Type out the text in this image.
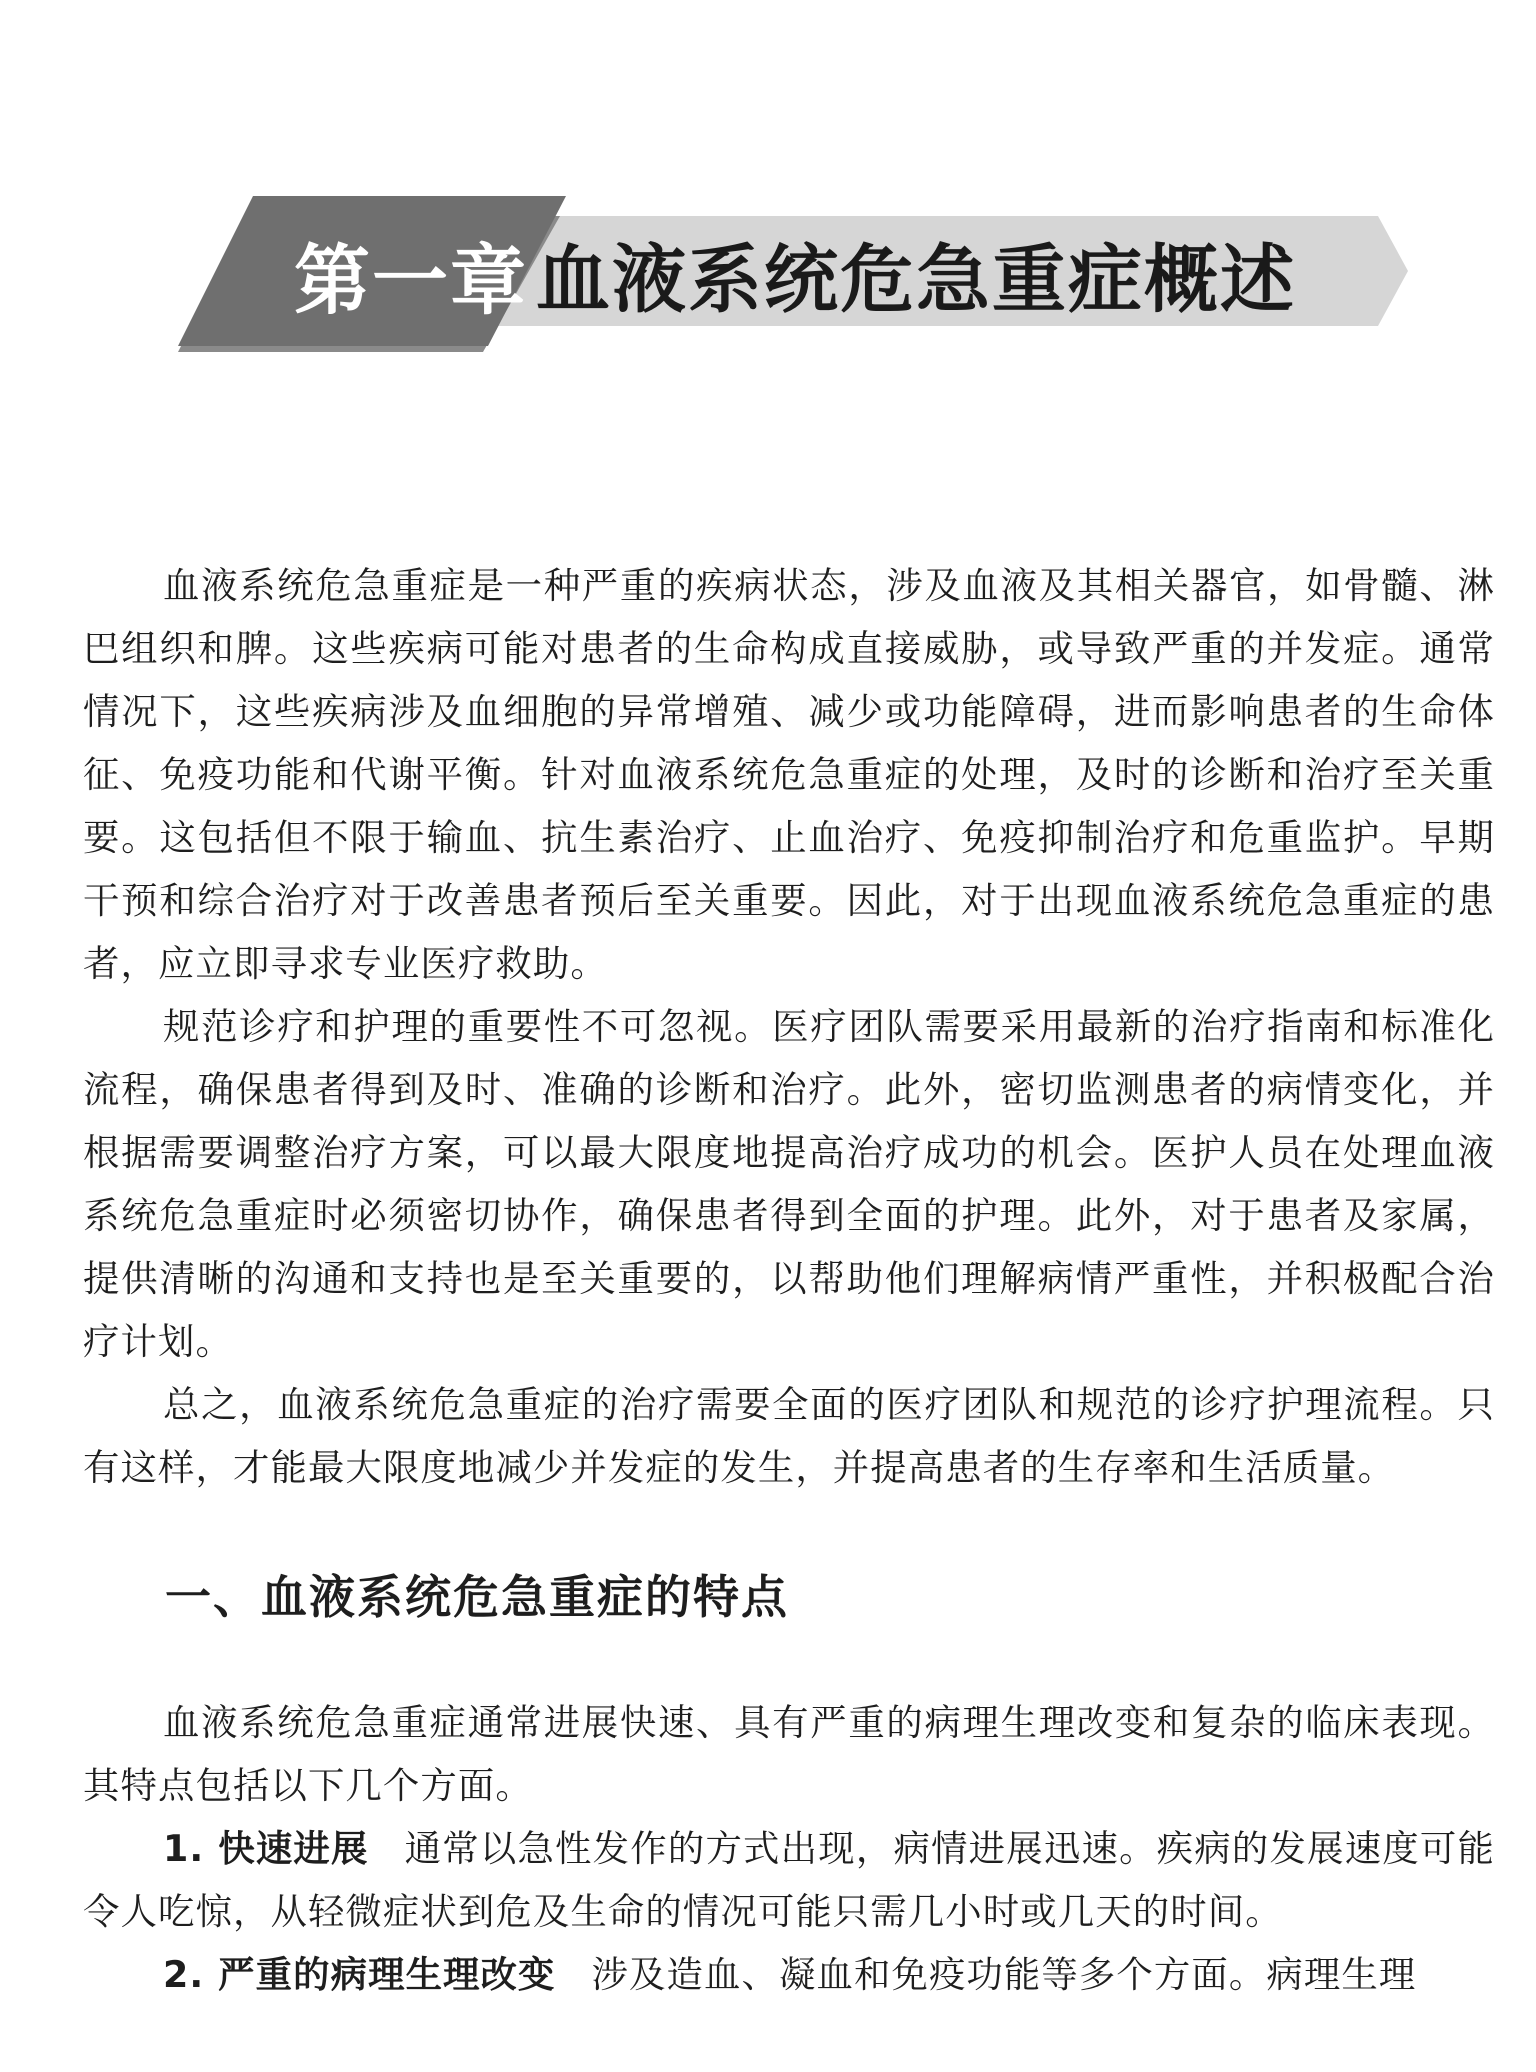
第一章 血液系统危急重症概述

血液系统危急重症是一种严重的疾病状态，涉及血液及其相关器官，如骨髓、淋巴组织和脾。这些疾病可能对患者的生命构成直接威胁，或导致严重的并发症。通常情况下，这些疾病涉及血细胞的异常增殖、减少或功能障碍，进而影响患者的生命体征、免疫功能和代谢平衡。针对血液系统危急重症的处理，及时的诊断和治疗至关重要。这包括但不限于输血、抗生素治疗、止血治疗、免疫抑制治疗和危重监护。早期干预和综合治疗对于改善患者预后至关重要。因此，对于出现血液系统危急重症的患者，应立即寻求专业医疗救助。

规范诊疗和护理的重要性不可忽视。医疗团队需要采用最新的治疗指南和标准化流程，确保患者得到及时、准确的诊断和治疗。此外，密切监测患者的病情变化，并根据需要调整治疗方案，可以最大限度地提高治疗成功的机会。医护人员在处理血液系统危急重症时必须密切协作，确保患者得到全面的护理。此外，对于患者及家属，提供清晰的沟通和支持也是至关重要的，以帮助他们理解病情严重性，并积极配合治疗计划。

总之，血液系统危急重症的治疗需要全面的医疗团队和规范的诊疗护理流程。只有这样，才能最大限度地减少并发症的发生，并提高患者的生存率和生活质量。

一、血液系统危急重症的特点

血液系统危急重症通常进展快速、具有严重的病理生理改变和复杂的临床表现。其特点包括以下几个方面。

1. 快速进展 通常以急性发作的方式出现，病情进展迅速。疾病的发展速度可能令人吃惊，从轻微症状到危及生命的情况可能只需几小时或几天的时间。

2. 严重的病理生理改变 涉及造血、凝血和免疫功能等多个方面。病理生理
